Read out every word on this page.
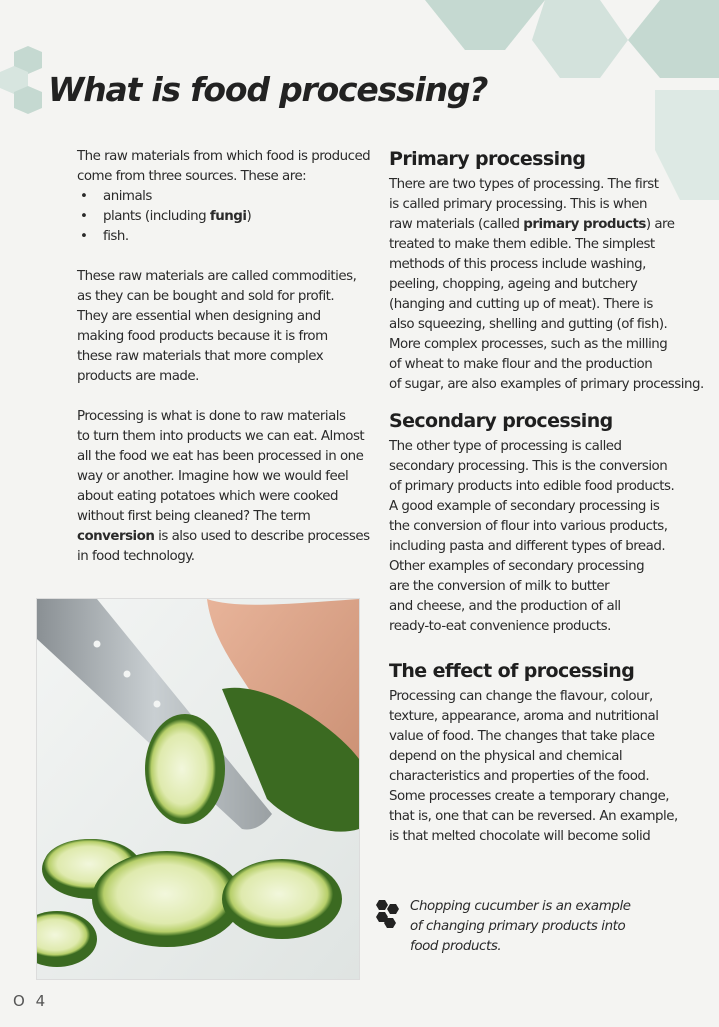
What is food processing?

The raw materials from which food is produced

come from three sources. These are:

• animals
• plants (including fungi)
• fish.

These raw materials are called commodities,

as they can be bought and sold for profit.

They are essential when designing and

making food products because it is from

these raw materials that more complex

products are made.

Processing is what is done to raw materials

to turn them into products we can eat. Almost

all the food we eat has been processed in one

way or another. Imagine how we would feel

about eating potatoes which were cooked

without first being cleaned? The term

conversion is also used to describe processes

in food technology.

Primary processing

There are two types of processing. The first

is called primary processing. This is when

raw materials (called primary products) are

treated to make them edible. The simplest

methods of this process include washing,

peeling, chopping, ageing and butchery

(hanging and cutting up of meat). There is

also squeezing, shelling and gutting (of fish).

More complex processes, such as the milling

of wheat to make flour and the production

of sugar, are also examples of primary processing.

Secondary processing

The other type of processing is called

secondary processing. This is the conversion

of primary products into edible food products.

A good example of secondary processing is

the conversion of flour into various products,

including pasta and different types of bread.

Other examples of secondary processing

are the conversion of milk to butter

and cheese, and the production of all

ready-to-eat convenience products.

The effect of processing

Processing can change the flavour, colour,

texture, appearance, aroma and nutritional

value of food. The changes that take place

depend on the physical and chemical

characteristics and properties of the food.

Some processes create a temporary change,

that is, one that can be reversed. An example,

is that melted chocolate will become solid

Chopping cucumber is an example

of changing primary products into

food products.

O 4
